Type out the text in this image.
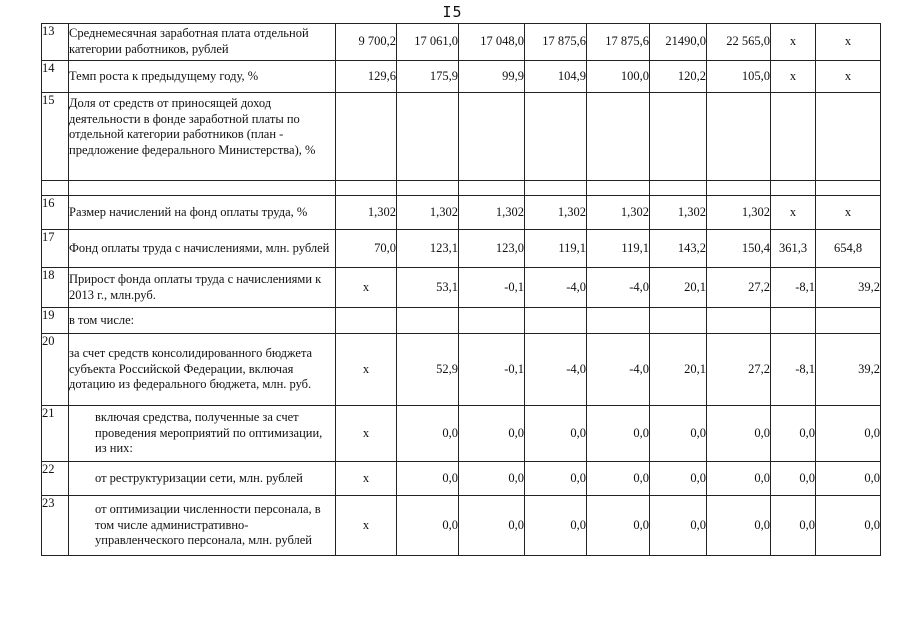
I5
13	Среднемесячная заработная плата отдельной категории работников, рублей	9 700,2	17 061,0	17 048,0	17 875,6	17 875,6	21490,0	22 565,0	x	x
14	Темп роста к предыдущему году, %	129,6	175,9	99,9	104,9	100,0	120,2	105,0	x	x
15	Доля от средств от приносящей доход деятельности в фонде заработной платы по отдельной категории работников (план - предложение федерального Министерства), %									

16	Размер начислений на фонд оплаты труда, %	1,302	1,302	1,302	1,302	1,302	1,302	1,302	x	x
17	Фонд оплаты труда с начислениями, млн. рублей	70,0	123,1	123,0	119,1	119,1	143,2	150,4	361,3	654,8
18	Прирост фонда оплаты труда с начислениями к 2013 г., млн.руб.	x	53,1	-0,1	-4,0	-4,0	20,1	27,2	-8,1	39,2
19	в том числе:									
20	за счет средств консолидированного бюджета субъекта Российской Федерации, включая дотацию из федерального бюджета, млн. руб.	x	52,9	-0,1	-4,0	-4,0	20,1	27,2	-8,1	39,2
21	включая средства, полученные за счет проведения мероприятий по оптимизации, из них:	x	0,0	0,0	0,0	0,0	0,0	0,0	0,0	0,0
22	от реструктуризации сети, млн. рублей	x	0,0	0,0	0,0	0,0	0,0	0,0	0,0	0,0
23	от оптимизации численности персонала, в том числе административно-управленческого персонала, млн. рублей	x	0,0	0,0	0,0	0,0	0,0	0,0	0,0	0,0
